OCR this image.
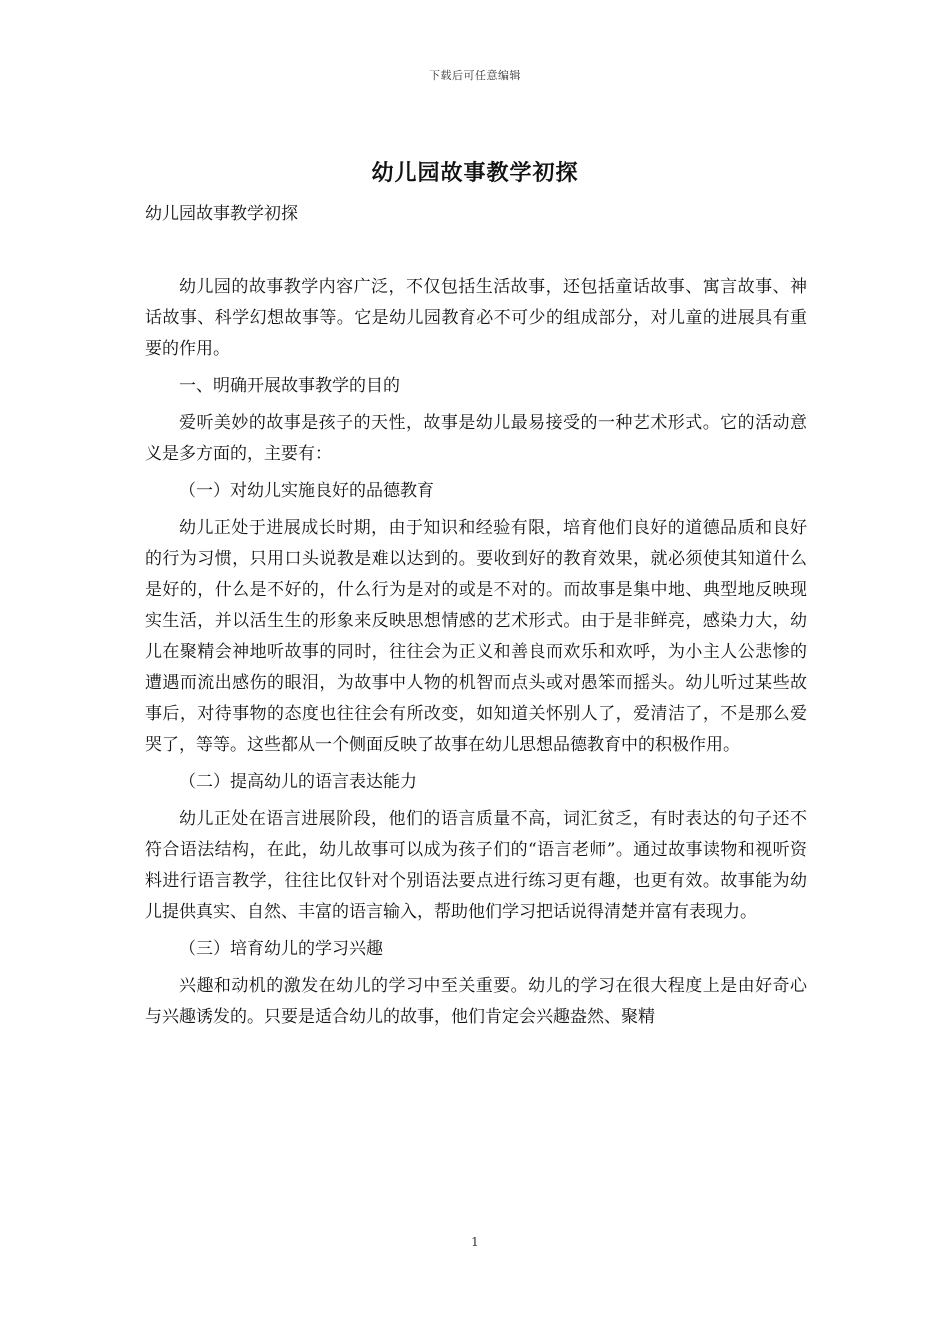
下载后可任意编辑
幼儿园故事教学初探
幼儿园故事教学初探

幼儿园的故事教学内容广泛，不仅包括生活故事，还包括童话故事、寓言故事、神话故事、科学幻想故事等。它是幼儿园教育必不可少的组成部分，对儿童的进展具有重要的作用。

一、明确开展故事教学的目的

爱听美妙的故事是孩子的天性，故事是幼儿最易接受的一种艺术形式。它的活动意义是多方面的，主要有：

（一）对幼儿实施良好的品德教育

幼儿正处于进展成长时期，由于知识和经验有限，培育他们良好的道德品质和良好的行为习惯，只用口头说教是难以达到的。要收到好的教育效果，就必须使其知道什么是好的，什么是不好的，什么行为是对的或是不对的。而故事是集中地、典型地反映现实生活，并以活生生的形象来反映思想情感的艺术形式。由于是非鲜亮，感染力大，幼儿在聚精会神地听故事的同时，往往会为正义和善良而欢乐和欢呼，为小主人公悲惨的遭遇而流出感伤的眼泪，为故事中人物的机智而点头或对愚笨而摇头。幼儿听过某些故事后，对待事物的态度也往往会有所改变，如知道关怀别人了，爱清洁了，不是那么爱哭了，等等。这些都从一个侧面反映了故事在幼儿思想品德教育中的积极作用。

（二）提高幼儿的语言表达能力

幼儿正处在语言进展阶段，他们的语言质量不高，词汇贫乏，有时表达的句子还不符合语法结构，在此，幼儿故事可以成为孩子们的“语言老师”。通过故事读物和视听资料进行语言教学，往往比仅针对个别语法要点进行练习更有趣，也更有效。故事能为幼儿提供真实、自然、丰富的语言输入，帮助他们学习把话说得清楚并富有表现力。

（三）培育幼儿的学习兴趣

兴趣和动机的激发在幼儿的学习中至关重要。幼儿的学习在很大程度上是由好奇心与兴趣诱发的。只要是适合幼儿的故事，他们肯定会兴趣盎然、聚精

1
